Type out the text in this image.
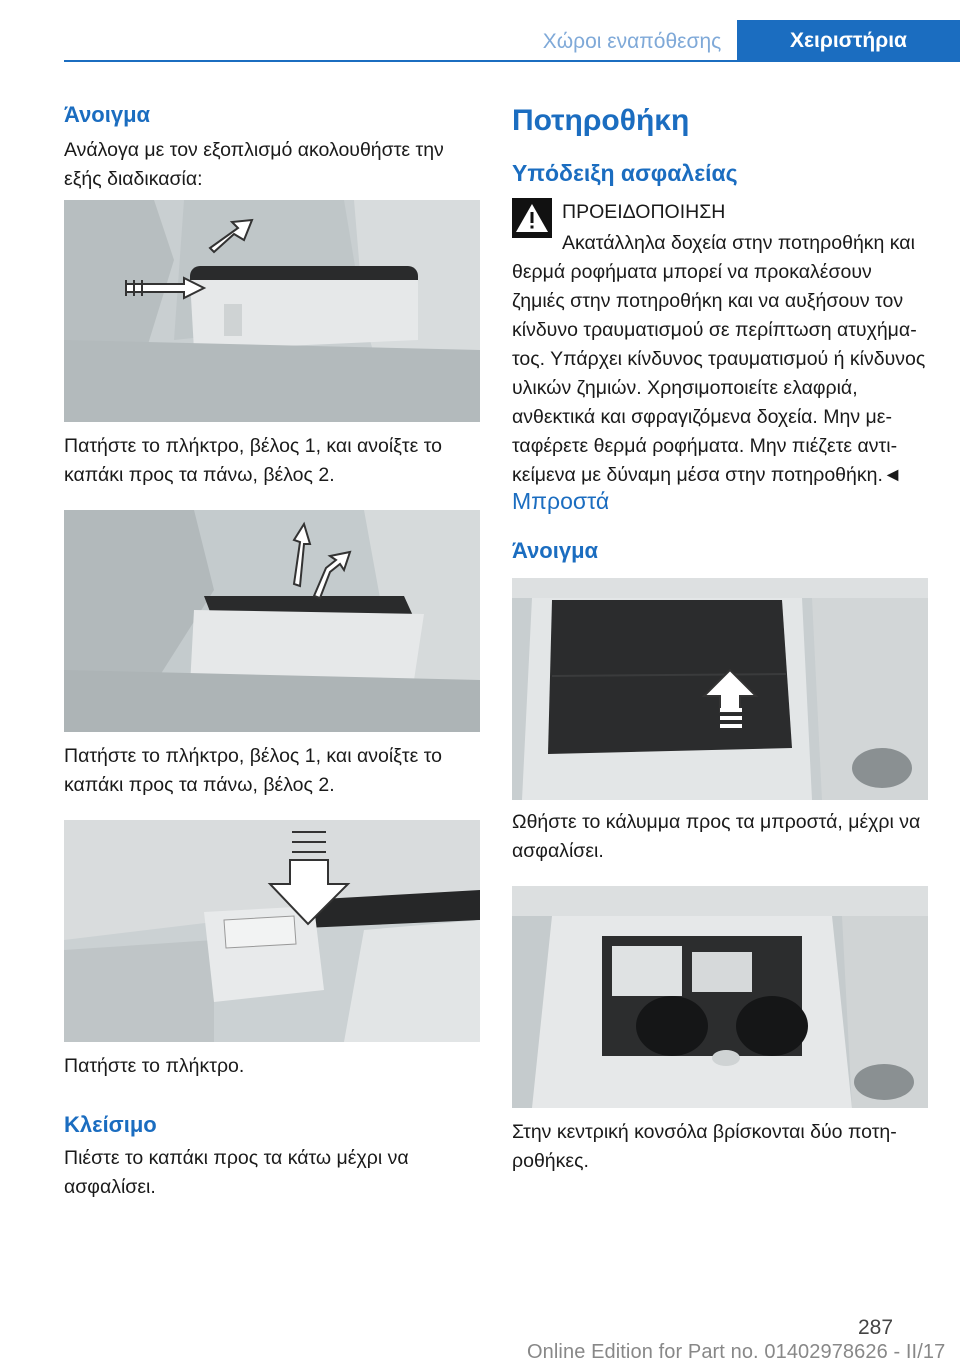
Χώροι εναπόθεσης	Χειριστήρια
Άνοιγμα

Ανάλογα με τον εξοπλισμό ακολουθήστε την εξής διαδικασία:

Πατήστε το πλήκτρο, βέλος 1, και ανοίξτε το καπάκι προς τα πάνω, βέλος 2.

Πατήστε το πλήκτρο, βέλος 1, και ανοίξτε το καπάκι προς τα πάνω, βέλος 2.

Πατήστε το πλήκτρο.

Κλείσιμο

Πιέστε το καπάκι προς τα κάτω μέχρι να ασφαλίσει.

Ποτηροθήκη
Υπόδειξη ασφαλείας

ΠΡΟΕΙΔΟΠΟΙΗΣΗ

Ακατάλληλα δοχεία στην ποτηροθήκη και θερμά ροφήματα μπορεί να προκαλέσουν ζημιές στην ποτηροθήκη και να αυξήσουν τον κίνδυνο τραυματισμού σε περίπτωση ατυχήματος. Υπάρχει κίνδυνος τραυματισμού ή κίνδυνος υλικών ζημιών. Χρησιμοποιείτε ελαφριά, ανθεκτικά και σφραγιζόμενα δοχεία. Μην μεταφέρετε θερμά ροφήματα. Μην πιέζετε αντικείμενα με δύναμη μέσα στην ποτηροθήκη.◄

Μπροστά
Άνοιγμα

Ωθήστε το κάλυμμα προς τα μπροστά, μέχρι να ασφαλίσει.

Στην κεντρική κονσόλα βρίσκονται δύο ποτηροθήκες.

287
Online Edition for Part no. 01402978626 - II/17
